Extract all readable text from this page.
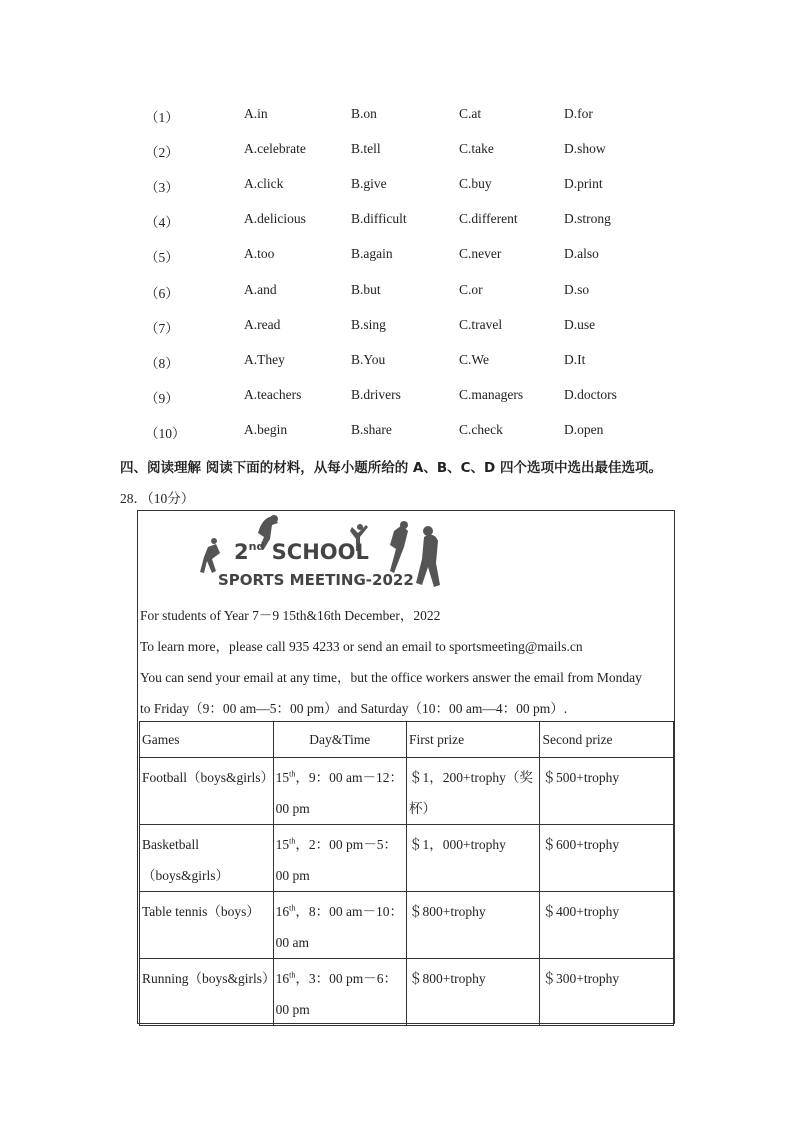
（1）	A.in	B.on	C.at	D.for
（2）	A.celebrate	B.tell	C.take	D.show
（3）	A.click	B.give	C.buy	D.print
（4）	A.delicious	B.difficult	C.different	D.strong
（5）	A.too	B.again	C.never	D.also
（6）	A.and	B.but	C.or	D.so
（7）	A.read	B.sing	C.travel	D.use
（8）	A.They	B.You	C.We	D.It
（9）	A.teachers	B.drivers	C.managers	D.doctors
（10）	A.begin	B.share	C.check	D.open
四、阅读理解 阅读下面的材料，从每小题所给的 A、B、C、D 四个选项中选出最佳选项。
28．（10分）
2nd SCHOOL
SPORTS MEETING-2022
For students of Year 7－9 15th&16th December，2022
To learn more，please call 935 4233 or send an email to sportsmeeting@mails.cn
You can send your email at any time，but the office workers answer the email from Monday
to Friday（9：00 am—5：00 pm）and Saturday（10：00 am—4：00 pm）.
Games	Day&Time	First prize	Second prize
Football（boys&girls）	15th，9：00 am－12：00 pm	＄1，200+trophy（奖杯）	＄500+trophy
Basketball （boys&girls）	15th，2：00 pm－5：00 pm	＄1，000+trophy	＄600+trophy
Table tennis（boys）	16th，8：00 am－10：00 am	＄800+trophy	＄400+trophy
Running（boys&girls）	16th，3：00 pm－6：00 pm	＄800+trophy	＄300+trophy
